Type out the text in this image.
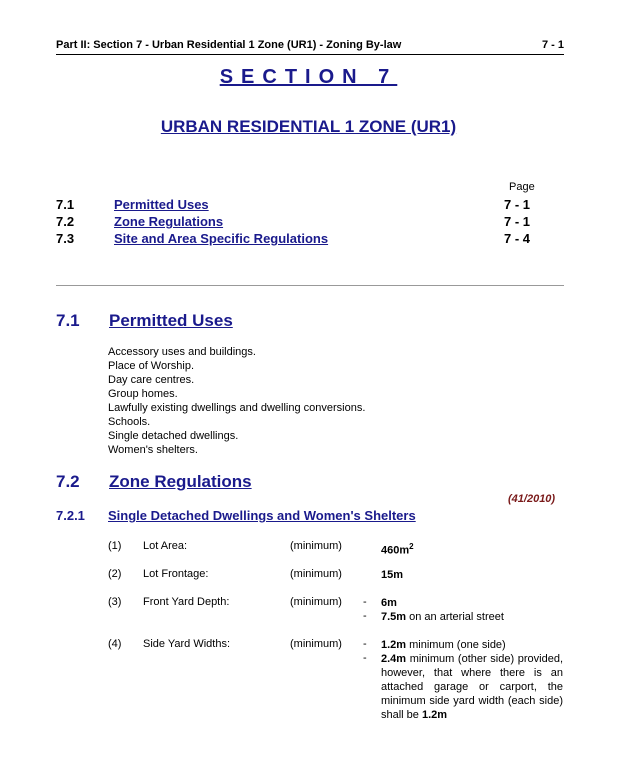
Part II: Section 7 - Urban Residential 1 Zone (UR1) - Zoning By-law	7 - 1
SECTION 7
URBAN RESIDENTIAL 1 ZONE (UR1)
Page
7.1	Permitted Uses	7 - 1
7.2	Zone Regulations	7 - 1
7.3	Site and Area Specific Regulations	7 - 4
7.1 Permitted Uses
Accessory uses and buildings.
Place of Worship.
Day care centres.
Group homes.
Lawfully existing dwellings and dwelling conversions.
Schools.
Single detached dwellings.
Women's shelters.
7.2 Zone Regulations
(41/2010)
7.2.1 Single Detached Dwellings and Women's Shelters
(1) Lot Area:	(minimum)	$460m^2$
(2) Lot Frontage:	(minimum)	15m
(3) Front Yard Depth:	(minimum) - 6m
- 7.5m on an arterial street
(4) Side Yard Widths:	(minimum) - 1.2m minimum (one side)
- 2.4m minimum (other side) provided, however, that where there is an attached garage or carport, the minimum side yard width (each side) shall be 1.2m
